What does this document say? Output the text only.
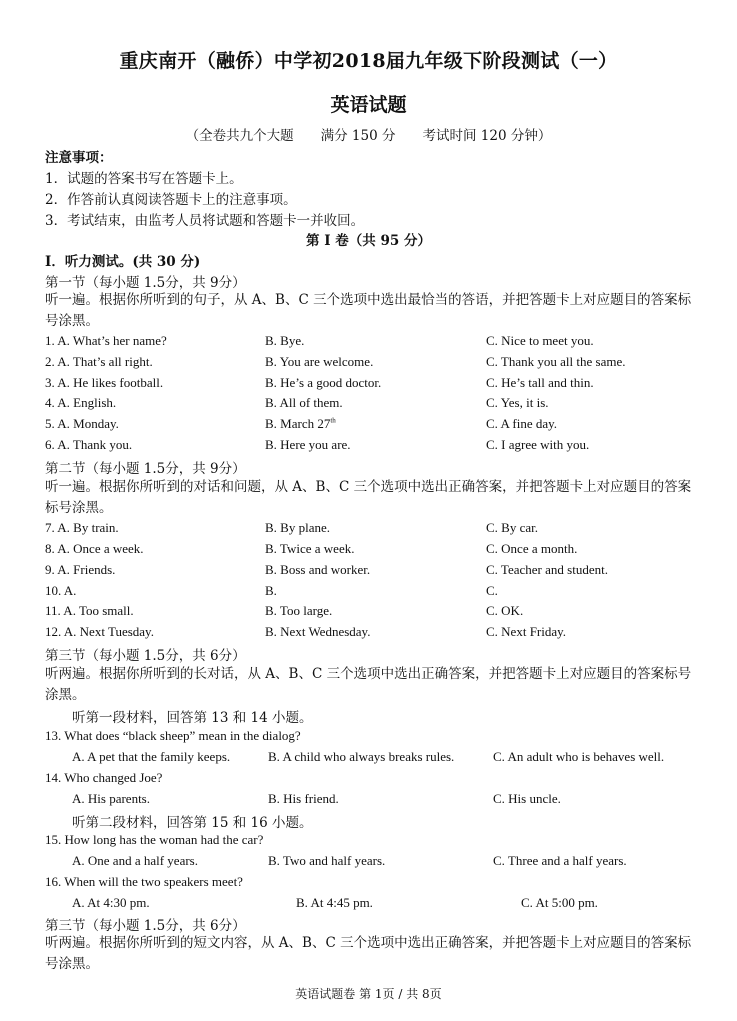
重庆南开（融侨）中学初2018届九年级下阶段测试（一）
英语试题
（全卷共九个大题　　满分 150 分　　考试时间 120 分钟）
注意事项：
1．试题的答案书写在答题卡上。
2．作答前认真阅读答题卡上的注意事项。
3．考试结束，由监考人员将试题和答题卡一并收回。
第 I 卷（共 95 分）
I．听力测试。(共 30 分)
第一节（每小题 1.5分，共 9分）
听一遍。根据你所听到的句子，从 A、B、C 三个选项中选出最恰当的答语，并把答题卡上对应题目的答案标号涂黑。
1. A. What’s her name?	B. Bye.	C. Nice to meet you.
2. A. That’s all right.	B. You are welcome.	C. Thank you all the same.
3. A. He likes football.	B. He’s a good doctor.	C. He’s tall and thin.
4. A. English.	B. All of them.	C. Yes, it is.
5. A. Monday.	B. March 27th	C. A fine day.
6. A. Thank you.	B. Here you are.	C. I agree with you.
第二节（每小题 1.5分，共 9分）
听一遍。根据你所听到的对话和问题，从 A、B、C 三个选项中选出正确答案，并把答题卡上对应题目的答案标号涂黑。
7. A. By train.	B. By plane.	C. By car.
8. A. Once a week.	B. Twice a week.	C. Once a month.
9. A. Friends.	B. Boss and worker.	C. Teacher and student.
10. A.	B.	C.
11. A. Too small.	B. Too large.	C. OK.
12. A. Next Tuesday.	B. Next Wednesday.	C. Next Friday.
第三节（每小题 1.5分，共 6分）
听两遍。根据你所听到的长对话，从 A、B、C 三个选项中选出正确答案，并把答题卡上对应题目的答案标号涂黑。
听第一段材料，回答第 13 和 14 小题。
13. What does “black sheep” mean in the dialog?
A. A pet that the family keeps.	B. A child who always breaks rules.	C. An adult who is behaves well.
14. Who changed Joe?
A. His parents.	B. His friend.	C. His uncle.
听第二段材料，回答第 15 和 16 小题。
15. How long has the woman had the car?
A. One and a half years.	B. Two and half years.	C. Three and a half years.
16. When will the two speakers meet?
A. At 4:30 pm.	B. At 4:45 pm.	C. At 5:00 pm.
第三节（每小题 1.5分，共 6分）
听两遍。根据你所听到的短文内容，从 A、B、C 三个选项中选出正确答案，并把答题卡上对应题目的答案标号涂黑。
英语试题卷 第 1页 / 共 8页
